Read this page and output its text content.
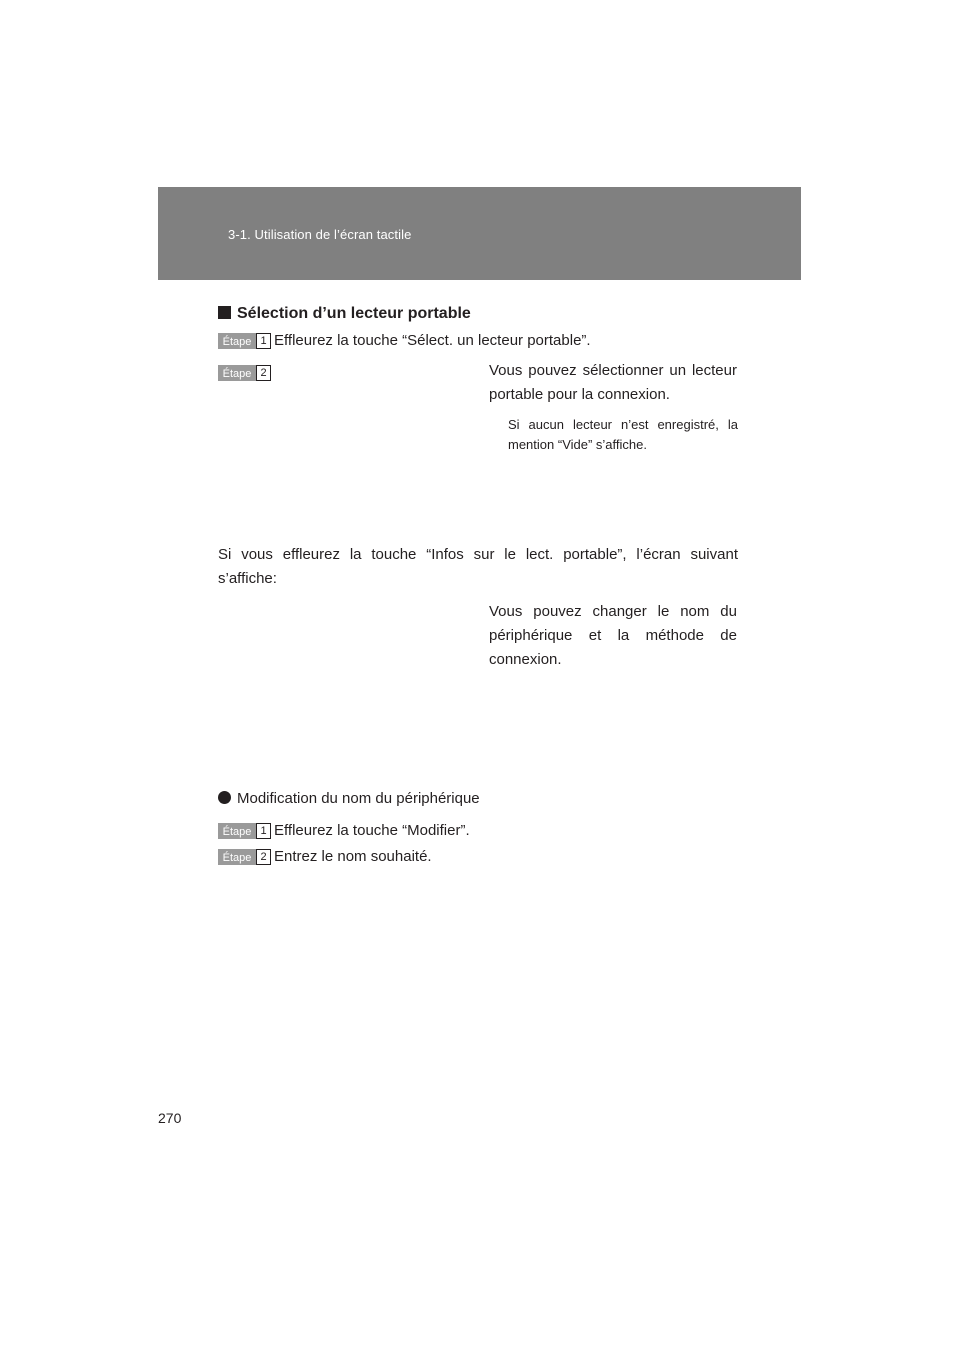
3-1. Utilisation de l’écran tactile
Sélection d’un lecteur portable
Étape 1 Effleurez la touche “Sélect. un lecteur portable”.
Étape 2	Vous pouvez sélectionner un lecteur portable pour la connexion.
Si aucun lecteur n’est enregistré, la mention “Vide” s’affiche.
Si vous effleurez la touche “Infos sur le lect. portable”, l’écran suivant s’affiche:
Vous pouvez changer le nom du périphérique et la méthode de connexion.
Modification du nom du périphérique
Étape 1 Effleurez la touche “Modifier”.
Étape 2 Entrez le nom souhaité.
270
